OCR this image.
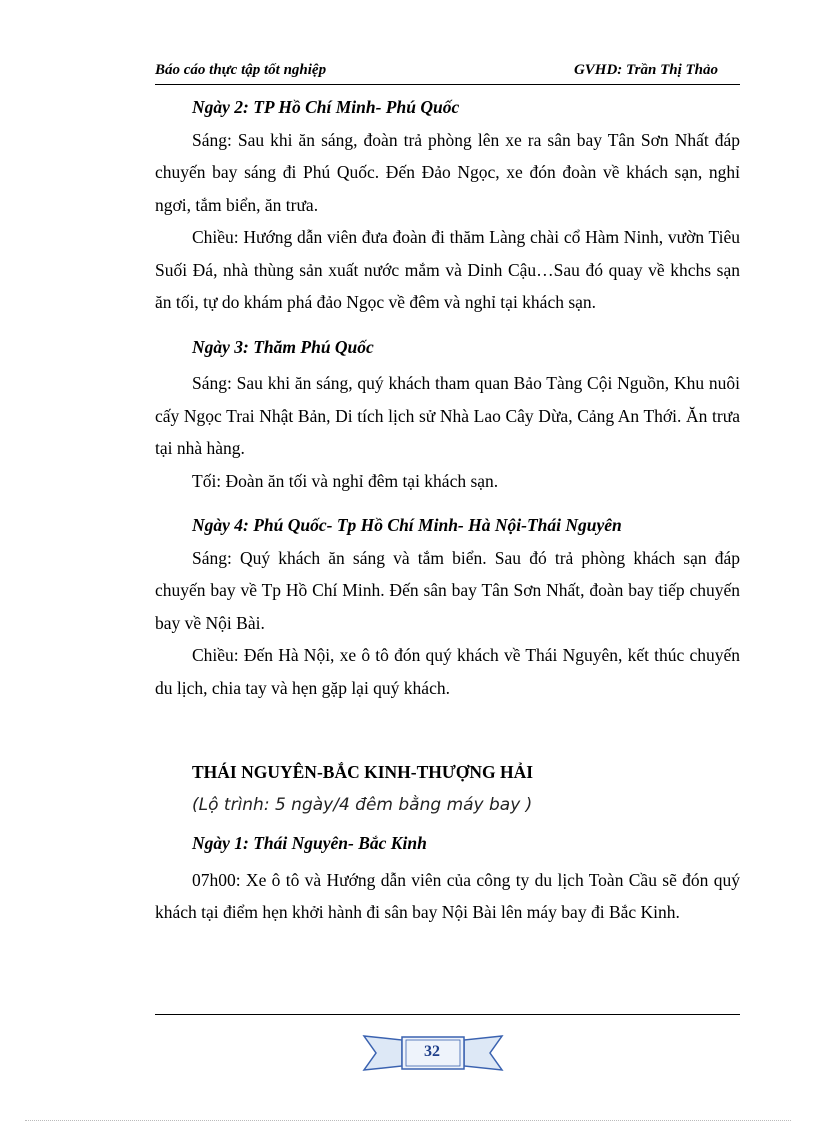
Báo cáo thực tập tốt nghiệp	GVHD: Trần Thị Thảo
Ngày 2: TP Hồ Chí Minh- Phú Quốc

Sáng: Sau khi ăn sáng, đoàn trả phòng lên xe ra sân bay Tân Sơn Nhất đáp chuyến bay sáng đi Phú Quốc. Đến Đảo Ngọc, xe đón đoàn về khách sạn, nghỉ ngơi, tắm biển, ăn trưa.

Chiều: Hướng dẫn viên đưa đoàn đi thăm Làng chài cổ Hàm Ninh, vườn Tiêu Suối Đá, nhà thùng sản xuất nước mắm và Dinh Cậu…Sau đó quay về khchs sạn ăn tối, tự do khám phá đảo Ngọc về đêm và nghỉ tại khách sạn.

Ngày 3: Thăm Phú Quốc

Sáng: Sau khi ăn sáng, quý khách tham quan Bảo Tàng Cội Nguồn, Khu nuôi cấy Ngọc Trai Nhật Bản, Di tích lịch sử Nhà Lao Cây Dừa, Cảng An Thới. Ăn trưa tại nhà hàng.

Tối: Đoàn ăn tối và nghỉ đêm tại khách sạn.

Ngày 4: Phú Quốc- Tp Hồ Chí Minh- Hà Nội-Thái Nguyên

Sáng: Quý khách ăn sáng và tắm biển. Sau đó trả phòng khách sạn đáp chuyến bay về Tp Hồ Chí Minh. Đến sân bay Tân Sơn Nhất, đoàn bay tiếp chuyến bay về Nội Bài.

Chiều: Đến Hà Nội, xe ô tô đón quý khách về Thái Nguyên, kết thúc chuyến du lịch, chia tay và hẹn gặp lại quý khách.

THÁI NGUYÊN-BẮC KINH-THƯỢNG HẢI
(Lộ trình: 5 ngày/4 đêm bằng máy bay )
Ngày 1: Thái Nguyên- Bắc Kinh

07h00: Xe ô tô và Hướng dẫn viên của công ty du lịch Toàn Cầu sẽ đón quý khách tại điểm hẹn khởi hành đi sân bay Nội Bài lên máy bay đi Bắc Kinh.

32
